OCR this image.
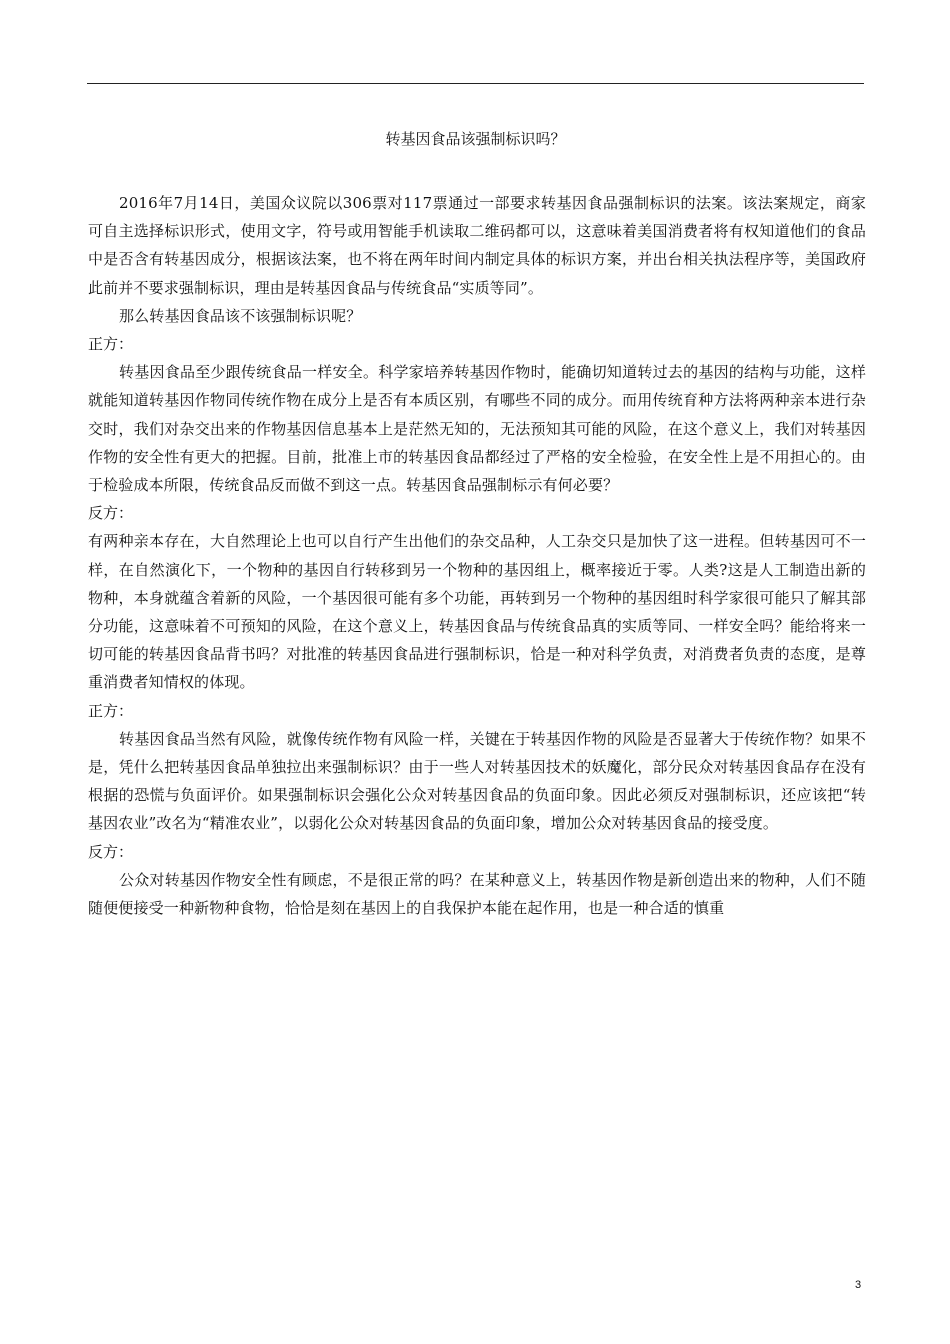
转基因食品该强制标识吗？

2016年7月14日，美国众议院以306票对117票通过一部要求转基因食品强制标识的法案。该法案规定，商家可自主选择标识形式，使用文字，符号或用智能手机读取二维码都可以，这意味着美国消费者将有权知道他们的食品中是否含有转基因成分，根据该法案，也不将在两年时间内制定具体的标识方案，并出台相关执法程序等，美国政府此前并不要求强制标识，理由是转基因食品与传统食品“实质等同”。

那么转基因食品该不该强制标识呢？

正方：

转基因食品至少跟传统食品一样安全。科学家培养转基因作物时，能确切知道转过去的基因的结构与功能，这样就能知道转基因作物同传统作物在成分上是否有本质区别，有哪些不同的成分。而用传统育种方法将两种亲本进行杂交时，我们对杂交出来的作物基因信息基本上是茫然无知的，无法预知其可能的风险，在这个意义上，我们对转基因作物的安全性有更大的把握。目前，批准上市的转基因食品都经过了严格的安全检验，在安全性上是不用担心的。由于检验成本所限，传统食品反而做不到这一点。转基因食品强制标示有何必要？

反方：

有两种亲本存在，大自然理论上也可以自行产生出他们的杂交品种，人工杂交只是加快了这一进程。但转基因可不一样，在自然演化下，一个物种的基因自行转移到另一个物种的基因组上，概率接近于零。人类?这是人工制造出新的物种，本身就蕴含着新的风险，一个基因很可能有多个功能，再转到另一个物种的基因组时科学家很可能只了解其部分功能，这意味着不可预知的风险，在这个意义上，转基因食品与传统食品真的实质等同、一样安全吗？能给将来一切可能的转基因食品背书吗？对批准的转基因食品进行强制标识，恰是一种对科学负责，对消费者负责的态度，是尊重消费者知情权的体现。

正方：

转基因食品当然有风险，就像传统作物有风险一样，关键在于转基因作物的风险是否显著大于传统作物？如果不是，凭什么把转基因食品单独拉出来强制标识？由于一些人对转基因技术的妖魔化，部分民众对转基因食品存在没有根据的恐慌与负面评价。如果强制标识会强化公众对转基因食品的负面印象。因此必须反对强制标识，还应该把“转基因农业”改名为“精准农业”，以弱化公众对转基因食品的负面印象，增加公众对转基因食品的接受度。

反方：

公众对转基因作物安全性有顾虑，不是很正常的吗？在某种意义上，转基因作物是新创造出来的物种，人们不随随便便接受一种新物种食物，恰恰是刻在基因上的自我保护本能在起作用，也是一种合适的慎重

3
